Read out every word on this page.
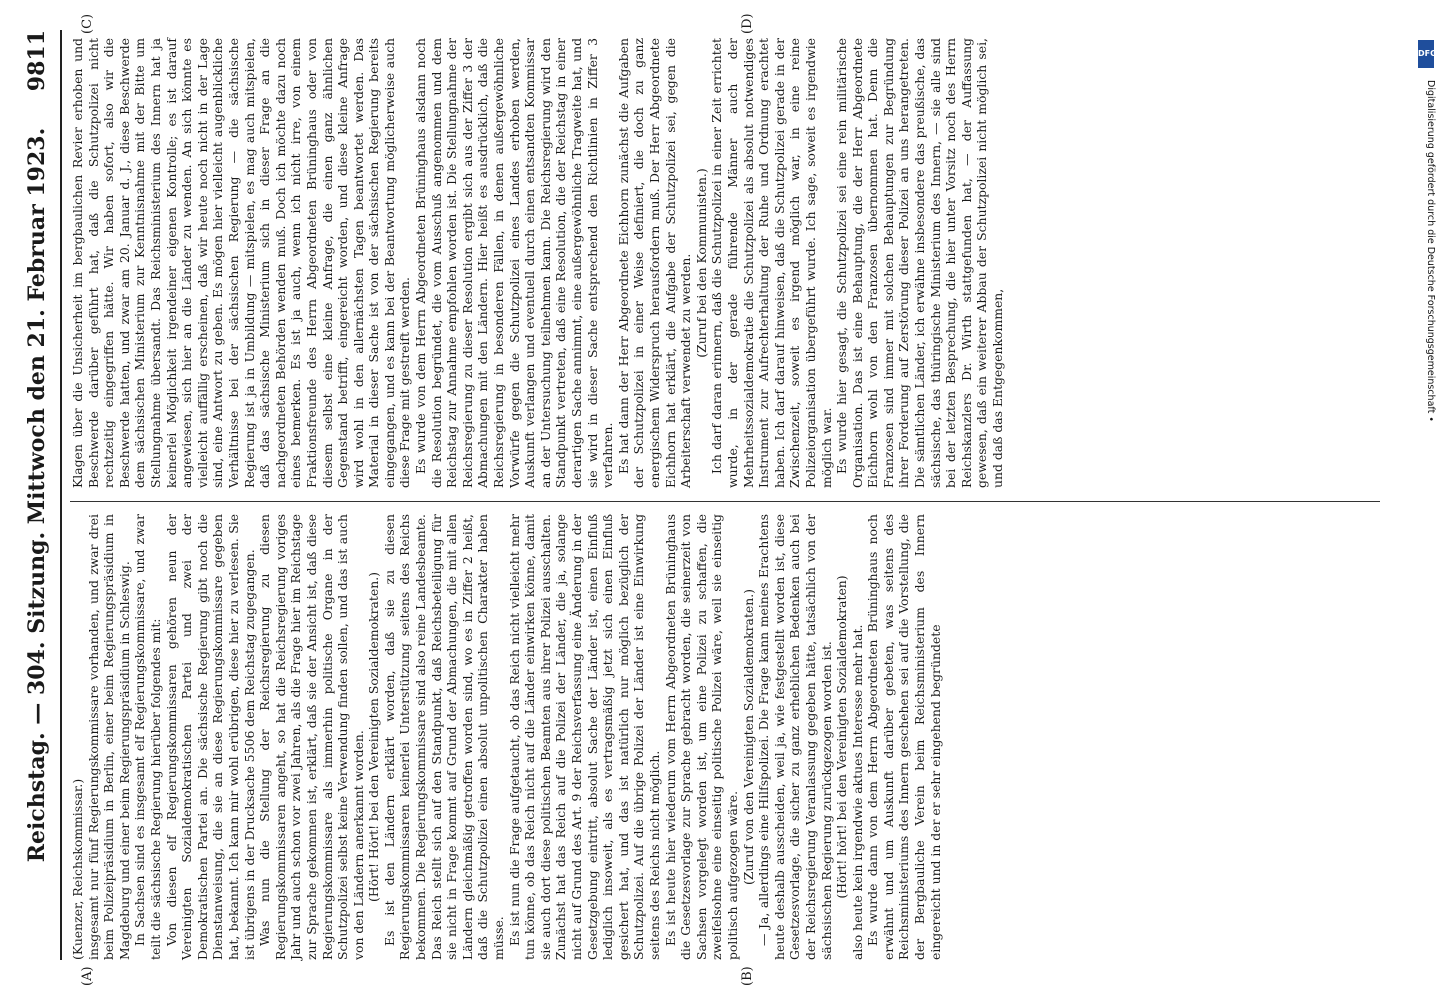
Reichstag. — 304. Sitzung. Mittwoch den 21. Februar 1923.
9811

(Kuenzer, Reichskommissar.) insgesamt nur fünf Regierungskommissare vorhanden, und zwar drei beim Polizeipräsidium in Berlin, einer beim Regierungspräsidium in Magdeburg und einer beim Regierungspräsidium in Schleswig. In Sachsen sind es insgesamt elf Regierungskommissare, und zwar teilt die sächsische Regierung hierüber folgendes mit: Von diesen elf Regierungskommissaren gehören neun der Vereinigten Sozialdemokratischen Partei und zwei der Demokratischen Partei an. Die sächsische Regierung gibt noch die Dienstanweisung, die sie an diese Regierungskommissare gegeben hat, bekannt. Ich kann mir wohl erübrigen, diese hier zu verlesen. Sie ist übrigens in der Drucksache 5506 dem Reichstag zugegangen. Was nun die Stellung der Reichsregierung zu diesen Regierungskommissaren angeht, so hat die Reichsregierung voriges Jahr und auch schon vor zwei Jahren, als die Frage hier im Reichstage zur Sprache gekommen ist, erklärt, daß sie der Ansicht ist, daß diese Regierungskommissare als immerhin politische Organe in der Schutzpolizei selbst keine Verwendung finden sollen, und das ist auch von den Ländern anerkannt worden. (Hört! Hört! bei den Vereinigten Sozialdemokraten.) Es ist den Ländern erklärt worden, daß sie zu diesen Regierungskommissaren keinerlei Unterstützung seitens des Reichs bekommen. Die Regierungskommissare sind also reine Landesbeamte. Das Reich stellt sich auf den Standpunkt, daß Reichsbeteiligung für sie nicht in Frage kommt auf Grund der Abmachungen, die mit allen Ländern gleichmäßig getroffen worden sind, wo es in Ziffer 2 heißt, daß die Schutzpolizei einen absolut unpolitischen Charakter haben müsse. Es ist nun die Frage aufgetaucht, ob das Reich nicht vielleicht mehr tun könne, ob das Reich nicht auf die Länder einwirken könne, damit sie auch dort diese politischen Beamten aus ihrer Polizei ausschalten. Zunächst hat das Reich auf die Polizei der Länder, die ja, solange nicht auf Grund des Art. 9 der Reichsverfassung eine Änderung in der Gesetzgebung eintritt, absolut Sache der Länder ist, einen Einfluß lediglich insoweit, als es vertragsmäßig jetzt sich einen Einfluß gesichert hat, und das ist natürlich nur möglich bezüglich der Schutzpolizei. Auf die übrige Polizei der Länder ist eine Einwirkung seitens des Reichs nicht möglich. Es ist heute hier wiederum vom Herrn Abgeordneten Brüninghaus die Gesetzesvorlage zur Sprache gebracht worden, die seinerzeit von Sachsen vorgelegt worden ist, um eine Polizei zu schaffen, die zweifelsohne eine einseitig politische Polizei wäre, weil sie einseitig politisch aufgezogen wäre. (Zuruf von den Vereinigten Sozialdemokraten.) — Ja, allerdings eine Hilfspolizei. Die Frage kann meines Erachtens heute deshalb ausscheiden, weil ja, wie festgestellt worden ist, diese Gesetzesvorlage, die sicher zu ganz erheblichen Bedenken auch bei der Reichsregierung Veranlassung gegeben hätte, tatsächlich von der sächsischen Regierung zurückgezogen worden ist. (Hört! hört! bei den Vereinigten Sozialdemokraten) also heute kein irgendwie aktues Interesse mehr hat. Es wurde dann von dem Herrn Abgeordneten Brüninghaus noch erwähnt und um Auskunft darüber gebeten, was seitens des Reichsministeriums des Innern geschehen sei auf die Vorstellung, die der Bergbauliche Verein beim Reichsministerium des Innern eingereicht und in der er sehr eingehend begründete

Klagen über die Unsicherheit im bergbaulichen Revier erhoben und Beschwerde darüber geführt hat, daß die Schutzpolizei nicht rechtzeitig eingegriffen hätte. Wir haben sofort, also wir die Beschwerde hatten, und zwar am 20. Januar d. J., diese Beschwerde dem sächsischen Ministerium zur Kenntnisnahme mit der Bitte um Stellungnahme übersandt. Das Reichsministerium des Innern hat ja keinerlei Möglichkeit irgendeiner eigenen Kontrolle; es ist darauf angewiesen, sich hier an die Länder zu wenden. An sich könnte es vielleicht auffällig erscheinen, daß wir heute noch nicht in der Lage sind, eine Antwort zu geben. Es mögen hier vielleicht augenblickliche Verhältnisse bei der sächsischen Regierung — die sächsische Regierung ist ja in Umbildung — mitspielen, es mag auch mitspielen, daß das sächsische Ministerium sich in dieser Frage an die nachgeordneten Behörden wenden muß. Doch ich möchte dazu noch eines bemerken. Es ist ja auch, wenn ich nicht irre, von einem Fraktionsfreunde des Herrn Abgeordneten Brüninghaus oder von diesem selbst eine kleine Anfrage, die einen ganz ähnlichen Gegenstand betrifft, eingereicht worden, und diese kleine Anfrage wird wohl in den allernächsten Tagen beantwortet werden. Das Material in dieser Sache ist von der sächsischen Regierung bereits eingegangen, und es kann bei der Beantwortung möglicherweise auch diese Frage mit gestreift werden. Es wurde von dem Herrn Abgeordneten Brüninghaus alsdann noch die Resolution begründet, die vom Ausschuß angenommen und dem Reichstag zur Annahme empfohlen worden ist. Die Stellungnahme der Reichsregierung zu dieser Resolution ergibt sich aus der Ziffer 3 der Abmachungen mit den Ländern. Hier heißt es ausdrücklich, daß die Reichsregierung in besonderen Fällen, in denen außergewöhnliche Vorwürfe gegen die Schutzpolizei eines Landes erhoben werden, Auskunft verlangen und eventuell durch einen entsandten Kommissar an der Untersuchung teilnehmen kann. Die Reichsregierung wird den Standpunkt vertreten, daß eine Resolution, die der Reichstag in einer derartigen Sache annimmt, eine außergewöhnliche Tragweite hat, und sie wird in dieser Sache entsprechend den Richtlinien in Ziffer 3 verfahren. Es hat dann der Herr Abgeordnete Eichhorn zunächst die Aufgaben der Schutzpolizei in einer Weise definiert, die doch zu ganz energischem Widerspruch herausfordern muß. Der Herr Abgeordnete Eichhorn hat erklärt, die Aufgabe der Schutzpolizei sei, gegen die Arbeiterschaft verwendet zu werden. (Zuruf bei den Kommunisten.) Ich darf daran erinnern, daß die Schutzpolizei in einer Zeit errichtet wurde, in der gerade führende Männer auch der Mehrheitssozialdemokratie die Schutzpolizei als absolut notwendiges Instrument zur Aufrechterhaltung der Ruhe und Ordnung erachtet haben. Ich darf darauf hinweisen, daß die Schutzpolizei gerade in der Zwischenzeit, soweit es irgend möglich war, in eine reine Polizeiorganisation übergeführt wurde. Ich sage, soweit es irgendwie möglich war. Es wurde hier gesagt, die Schutzpolizei sei eine rein militärische Organisation. Das ist eine Behauptung, die der Herr Abgeordnete Eichhorn wohl von den Franzosen übernommen hat. Denn die Franzosen sind immer mit solchen Behauptungen zur Begründung ihrer Forderung auf Zerstörung dieser Polizei an uns herangetreten. Die sämtlichen Länder, ich erwähne insbesondere das preußische, das sächsische, das thüringische Ministerium des Innern, — sie alle sind bei der letzten Besprechung, die hier unter Vorsitz noch des Herrn Reichskanzlers Dr. Wirth stattgefunden hat, — der Auffassung gewesen, daß ein weiterer Abbau der Schutzpolizei nicht möglich sei, und daß das Entgegenkommen,

(A)	(B)
(C)	(D)
DFG
Digitalisierung gefördert durch die Deutsche Forschungsgemeinschaft •
